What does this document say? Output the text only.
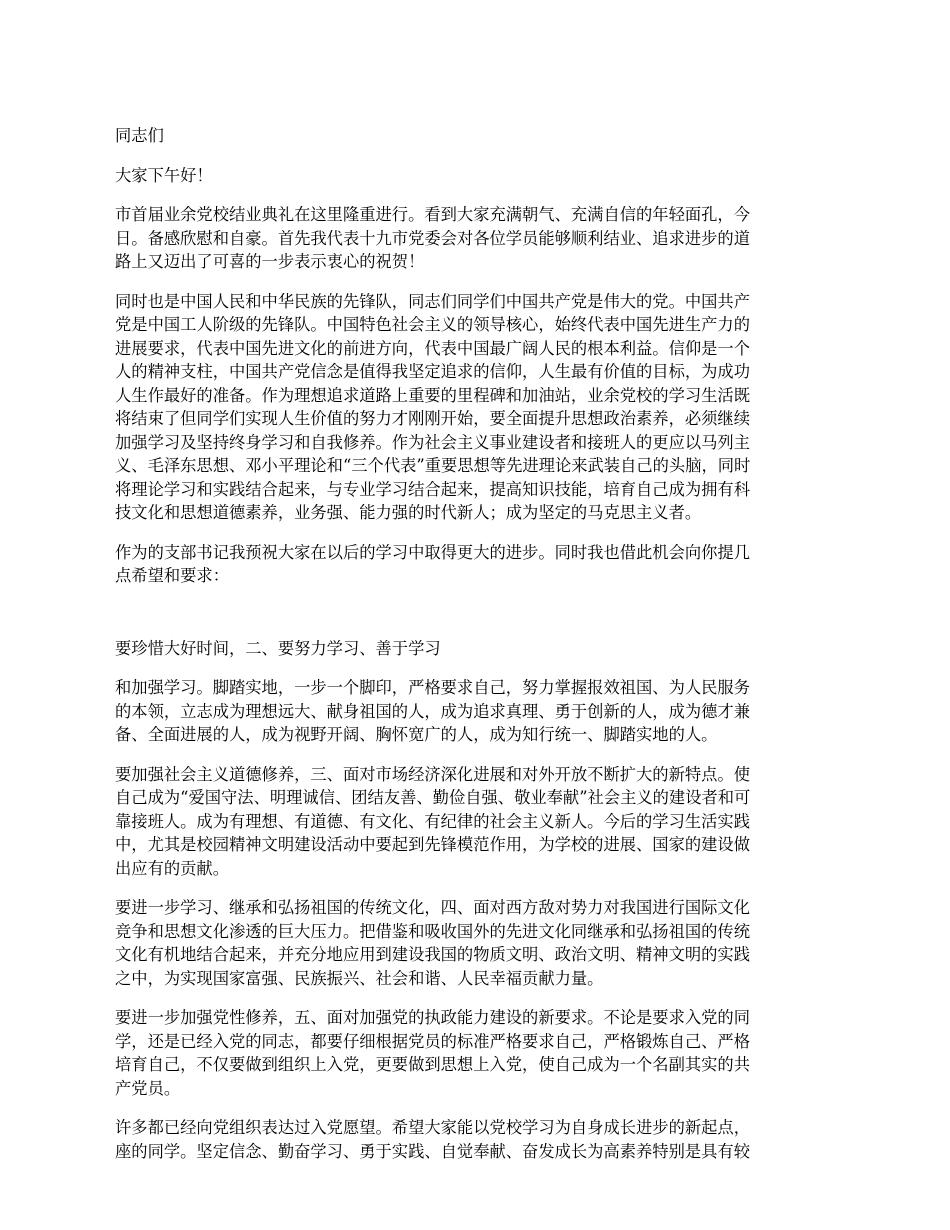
同志们

大家下午好！

市首届业余党校结业典礼在这里隆重进行。看到大家充满朝气、充满自信的年轻面孔，今
日。备感欣慰和自豪。首先我代表十九市党委会对各位学员能够顺利结业、追求进步的道
路上又迈出了可喜的一步表示衷心的祝贺！

同时也是中国人民和中华民族的先锋队，同志们同学们中国共产党是伟大的党。中国共产
党是中国工人阶级的先锋队。中国特色社会主义的领导核心，始终代表中国先进生产力的
进展要求，代表中国先进文化的前进方向，代表中国最广阔人民的根本利益。信仰是一个
人的精神支柱，中国共产党信念是值得我坚定追求的信仰，人生最有价值的目标，为成功
人生作最好的准备。作为理想追求道路上重要的里程碑和加油站，业余党校的学习生活既
将结束了但同学们实现人生价值的努力才刚刚开始，要全面提升思想政治素养，必须继续
加强学习及坚持终身学习和自我修养。作为社会主义事业建设者和接班人的更应以马列主
义、毛泽东思想、邓小平理论和“三个代表”重要思想等先进理论来武装自己的头脑，同时
将理论学习和实践结合起来，与专业学习结合起来，提高知识技能，培育自己成为拥有科
技文化和思想道德素养，业务强、能力强的时代新人；成为坚定的马克思主义者。

作为的支部书记我预祝大家在以后的学习中取得更大的进步。同时我也借此机会向你提几
点希望和要求：

要珍惜大好时间，二、要努力学习、善于学习

和加强学习。脚踏实地，一步一个脚印，严格要求自己，努力掌握报效祖国、为人民服务
的本领，立志成为理想远大、献身祖国的人，成为追求真理、勇于创新的人，成为德才兼
备、全面进展的人，成为视野开阔、胸怀宽广的人，成为知行统一、脚踏实地的人。

要加强社会主义道德修养，三、面对市场经济深化进展和对外开放不断扩大的新特点。使
自己成为“爱国守法、明理诚信、团结友善、勤俭自强、敬业奉献”社会主义的建设者和可
靠接班人。成为有理想、有道德、有文化、有纪律的社会主义新人。今后的学习生活实践
中，尤其是校园精神文明建设活动中要起到先锋模范作用，为学校的进展、国家的建设做
出应有的贡献。

要进一步学习、继承和弘扬祖国的传统文化，四、面对西方敌对势力对我国进行国际文化
竞争和思想文化渗透的巨大压力。把借鉴和吸收国外的先进文化同继承和弘扬祖国的传统
文化有机地结合起来，并充分地应用到建设我国的物质文明、政治文明、精神文明的实践
之中，为实现国家富强、民族振兴、社会和谐、人民幸福贡献力量。

要进一步加强党性修养，五、面对加强党的执政能力建设的新要求。不论是要求入党的同
学，还是已经入党的同志，都要仔细根据党员的标准严格要求自己，严格锻炼自己、严格
培育自己，不仅要做到组织上入党，更要做到思想上入党，使自己成为一个名副其实的共
产党员。

许多都已经向党组织表达过入党愿望。希望大家能以党校学习为自身成长进步的新起点，
座的同学。坚定信念、勤奋学习、勇于实践、自觉奉献、奋发成长为高素养特别是具有较
